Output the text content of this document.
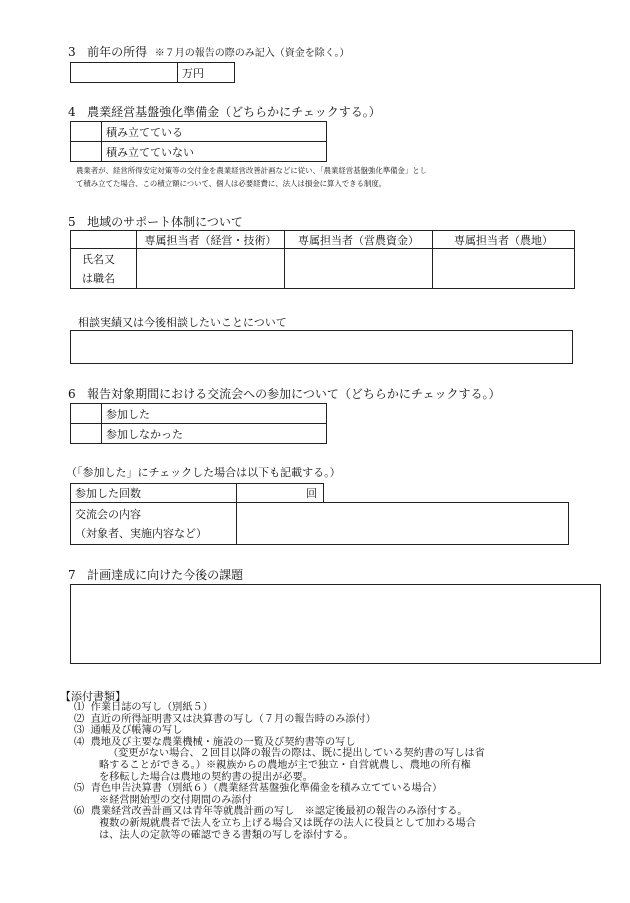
3 前年の所得 ※７月の報告の際のみ記入（資金を除く。）
	万円
4 農業経営基盤強化準備金（どちらかにチェックする。）
	積み立てている
	積み立てていない
農業者が、経営所得安定対策等の交付金を農業経営改善計画などに従い、「農業経営基盤強化準備金」とし
て積み立てた場合、この積立額について、個人は必要経費に、法人は損金に算入できる制度。
5 地域のサポート体制について
	専属担当者（経営・技術）	専属担当者（営農資金）	専属担当者（農地）

氏名又
は職名			

相談実績又は今後相談したいことについて
6 報告対象期間における交流会への参加について（どちらかにチェックする。）
	参加した
	参加しなかった
（「参加した」にチェックした場合は以下も記載する。）
参加した回数	回
交流会の内容
（対象者、実施内容など）

7 計画達成に向けた今後の課題
【添付書類】

⑴ 作業日誌の写し（別紙５）

⑵ 直近の所得証明書又は決算書の写し（７月の報告時のみ添付）

⑶ 通帳及び帳簿の写し

⑷ 農地及び主要な農業機械・施設の一覧及び契約書等の写し

（変更がない場合、２回目以降の報告の際は、既に提出している契約書の写しは省

略することができる。）※親族からの農地が主で独立・自営就農し、農地の所有権

を移転した場合は農地の契約書の提出が必要。

⑸ 青色申告決算書（別紙６）（農業経営基盤強化準備金を積み立てている場合）

※経営開始型の交付期間のみ添付

⑹ 農業経営改善計画又は青年等就農計画の写し　※認定後最初の報告のみ添付する。

複数の新規就農者で法人を立ち上げる場合又は既存の法人に役員として加わる場合

は、法人の定款等の確認できる書類の写しを添付する。
